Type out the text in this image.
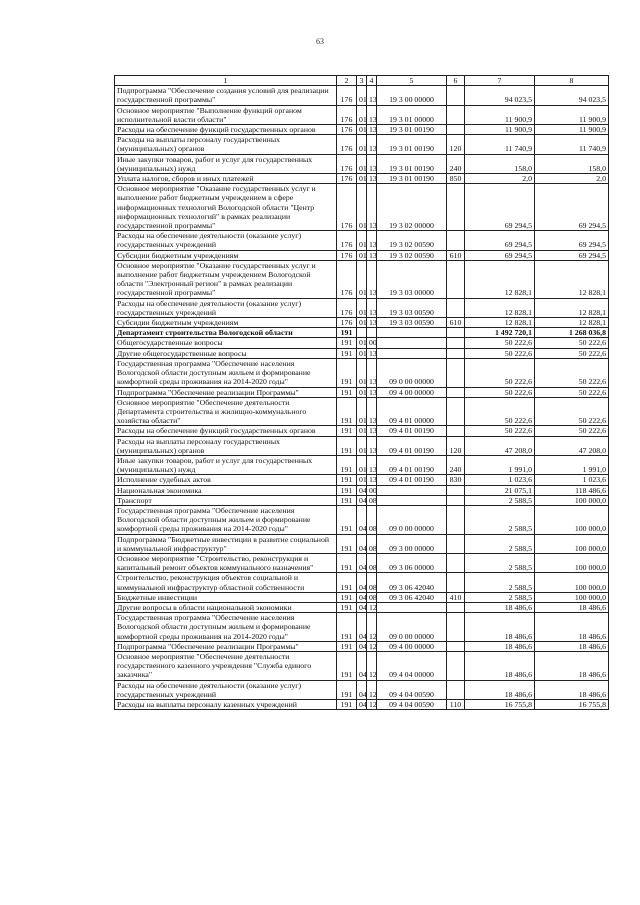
63
1	2	3	4	5	6	7	8
Подпрограмма "Обеспечение создания условий для реализации государственной программы"	176	01	13	19 3 00 00000		94 023,5	94 023,5
Основное мероприятие "Выполнение функций органом исполнительной власти области"	176	01	13	19 3 01 00000		11 900,9	11 900,9
Расходы на обеспечение функций государственных органов	176	01	13	19 3 01 00190		11 900,9	11 900,9
Расходы на выплаты персоналу государственных (муниципальных) органов	176	01	13	19 3 01 00190	120	11 740,9	11 740,9
Иные закупки товаров, работ и услуг для государственных (муниципальных) нужд	176	01	13	19 3 01 00190	240	158,0	158,0
Уплата налогов, сборов и иных платежей	176	01	13	19 3 01 00190	850	2,0	2,0
Основное мероприятие "Оказание государственных услуг и выполнение работ бюджетным учреждением в сфере информационных технологий Вологодской области "Центр информационных технологий" в рамках реализации государственной программы"	176	01	13	19 3 02 00000		69 294,5	69 294,5
Расходы на обеспечение деятельности (оказание услуг) государственных учреждений	176	01	13	19 3 02 00590		69 294,5	69 294,5
Субсидии бюджетным учреждениям	176	01	13	19 3 02 00590	610	69 294,5	69 294,5
Основное мероприятие "Оказание государственных услуг и выполнение работ бюджетным учреждением Вологодской области "Электронный регион" в рамках реализации государственной программы"	176	01	13	19 3 03 00000		12 828,1	12 828,1
Расходы на обеспечение деятельности (оказание услуг) государственных учреждений	176	01	13	19 3 03 00590		12 828,1	12 828,1
Субсидии бюджетным учреждениям	176	01	13	19 3 03 00590	610	12 828,1	12 828,1
Департамент строительства Вологодской области	191					1 492 720,1	1 268 036,8
Общегосударственные вопросы	191	01	00			50 222,6	50 222,6
Другие общегосударственные вопросы	191	01	13			50 222,6	50 222,6
Государственная программа "Обеспечение населения Вологодской области доступным жильем и формирование комфортной среды проживания на 2014-2020 годы"	191	01	13	09 0 00 00000		50 222,6	50 222,6
Подпрограмма "Обеспечение реализации Программы"	191	01	13	09 4 00 00000		50 222,6	50 222,6
Основное мероприятие "Обеспечение деятельности Департамента строительства и жилищно-коммунального хозяйства области"	191	01	13	09 4 01 00000		50 222,6	50 222,6
Расходы на обеспечение функций государственных органов	191	01	13	09 4 01 00190		50 222,6	50 222,6
Расходы на выплаты персоналу государственных (муниципальных) органов	191	01	13	09 4 01 00190	120	47 208,0	47 208,0
Иные закупки товаров, работ и услуг для государственных (муниципальных) нужд	191	01	13	09 4 01 00190	240	1 991,0	1 991,0
Исполнение судебных актов	191	01	13	09 4 01 00190	830	1 023,6	1 023,6
Национальная экономика	191	04	00			21 075,1	118 486,6
Транспорт	191	04	08			2 588,5	100 000,0
Государственная программа "Обеспечение населения Вологодской области доступным жильем и формирование комфортной среды проживания на 2014-2020 годы"	191	04	08	09 0 00 00000		2 588,5	100 000,0
Подпрограмма "Бюджетные инвестиции в развитие социальной и коммунальной инфраструктур"	191	04	08	09 3 00 00000		2 588,5	100 000,0
Основное мероприятие "Строительство, реконструкция и капитальный ремонт объектов коммунального назначения"	191	04	08	09 3 06 00000		2 588,5	100 000,0
Строительство, реконструкция объектов социальной и коммунальной инфраструктур областной собственности	191	04	08	09 3 06 42040		2 588,5	100 000,0
Бюджетные инвестиции	191	04	08	09 3 06 42040	410	2 588,5	100 000,0
Другие вопросы в области национальной экономики	191	04	12			18 486,6	18 486,6
Государственная программа "Обеспечение населения Вологодской области доступным жильем и формирование комфортной среды проживания на 2014-2020 годы"	191	04	12	09 0 00 00000		18 486,6	18 486,6
Подпрограмма "Обеспечение реализации Программы"	191	04	12	09 4 00 00000		18 486,6	18 486,6
Основное мероприятие "Обеспечение деятельности государственного казенного учреждения "Служба единого заказчика"	191	04	12	09 4 04 00000		18 486,6	18 486,6
Расходы на обеспечение деятельности (оказание услуг) государственных учреждений	191	04	12	09 4 04 00590		18 486,6	18 486,6
Расходы на выплаты персоналу казенных учреждений	191	04	12	09 4 04 00590	110	16 755,8	16 755,8
